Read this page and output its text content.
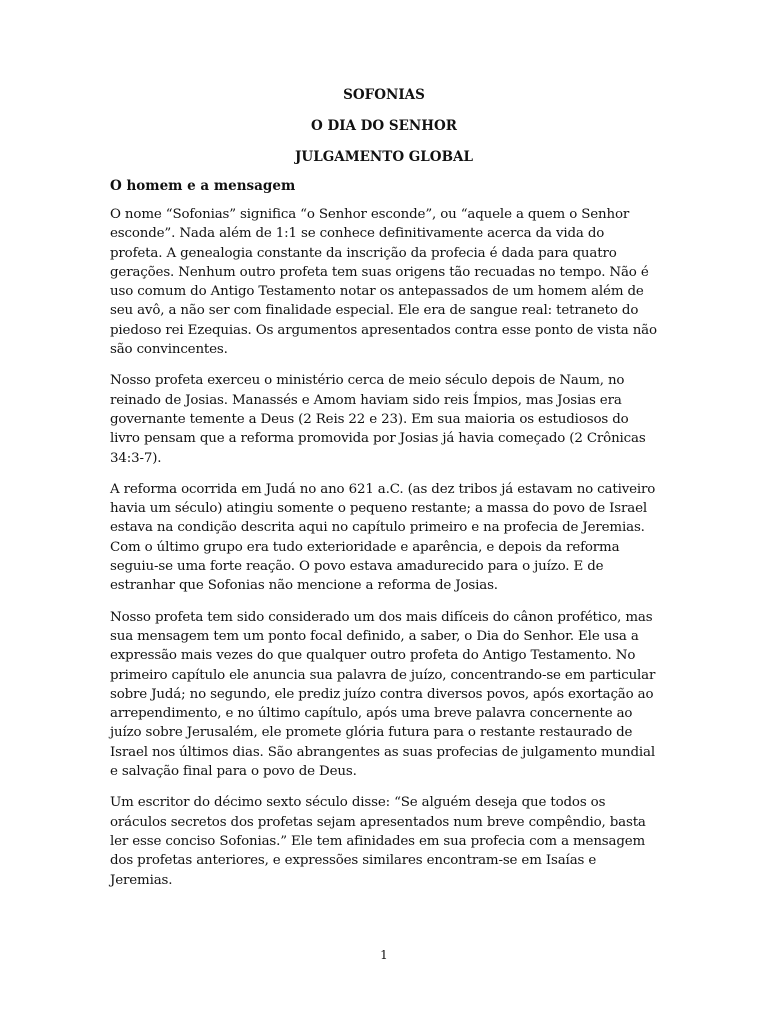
SOFONIAS
O DIA DO SENHOR
JULGAMENTO GLOBAL
O homem e a mensagem

O nome “Sofonias” significa “o Senhor esconde”, ou “aquele a quem o Senhor esconde”. Nada além de 1:1 se conhece definitivamente acerca da vida do profeta. A genealogia constante da inscrição da profecia é dada para quatro gerações. Nenhum outro profeta tem suas origens tão recuadas no tempo. Não é uso comum do Antigo Testamento notar os antepassados de um homem além de seu avô, a não ser com finalidade especial. Ele era de sangue real: tetraneto do piedoso rei Ezequias. Os argumentos apresentados contra esse ponto de vista não são convincentes.

Nosso profeta exerceu o ministério cerca de meio século depois de Naum, no reinado de Josias. Manassés e Amom haviam sido reis Ímpios, mas Josias era governante temente a Deus (2 Reis 22 e 23). Em sua maioria os estudiosos do livro pensam que a reforma promovida por Josias já havia começado (2 Crônicas 34:3-7).

A reforma ocorrida em Judá no ano 621 a.C. (as dez tribos já estavam no cativeiro havia um século) atingiu somente o pequeno restante; a massa do povo de Israel estava na condição descrita aqui no capítulo primeiro e na profecia de Jeremias. Com o último grupo era tudo exterioridade e aparência, e depois da reforma seguiu-se uma forte reação. O povo estava amadurecido para o juízo. E de estranhar que Sofonias não mencione a reforma de Josias.

Nosso profeta tem sido considerado um dos mais difíceis do cânon profético, mas sua mensagem tem um ponto focal definido, a saber, o Dia do Senhor. Ele usa a expressão mais vezes do que qualquer outro profeta do Antigo Testamento. No primeiro capítulo ele anuncia sua palavra de juízo, concentrando-se em particular sobre Judá; no segundo, ele prediz juízo contra diversos povos, após exortação ao arrependimento, e no último capítulo, após uma breve palavra concernente ao juízo sobre Jerusalém, ele promete glória futura para o restante restaurado de Israel nos últimos dias. São abrangentes as suas profecias de julgamento mundial e salvação final para o povo de Deus.

Um escritor do décimo sexto século disse: “Se alguém deseja que todos os oráculos secretos dos profetas sejam apresentados num breve compêndio, basta ler esse conciso Sofonias.” Ele tem afinidades em sua profecia com a mensagem dos profetas anteriores, e expressões similares encontram-se em Isaías e Jeremias.

1
